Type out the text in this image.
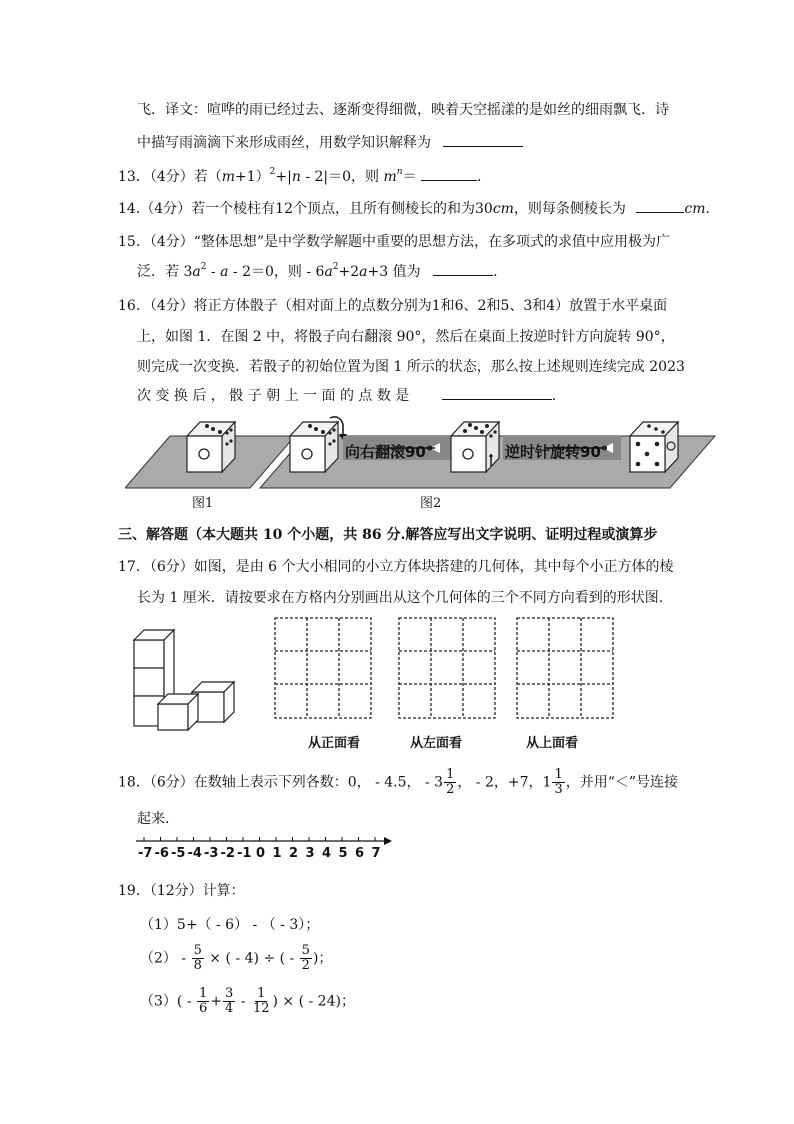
飞．译文：喧哗的雨已经过去、逐渐变得细微，映着天空摇漾的是如丝的细雨飘飞．诗
中描写雨滴滴下来形成雨丝，用数学知识解释为
13．（4分）若$(m+1)^2+|n - 2|=0$，则 $m^n=$	.
14.（4分）若一个棱柱有12个顶点，且所有侧棱长的和为30cm，则每条侧棱长为	cm.
15．（4分）“整体思想”是中学数学解题中重要的思想方法，在多项式的求值中应用极为广
泛．若 $3a^2 - a - 2=0$，则 - $6a^2+2a+3$ 值为	.
16．（4分）将正方体骰子（相对面上的点数分别为1和6、2和5、3和4）放置于水平桌面
上，如图 1．在图 2 中，将骰子向右翻滚 90°，然后在桌面上按逆时针方向旋转 90°，
则完成一次变换．若骰子的初始位置为图 1 所示的状态，那么按上述规则连续完成 2023
次 变 换 后 ， 骰 子 朝 上 一 面 的 点 数 是	.
向右翻滚90°	逆时针旋转90°
图1	图2
三、解答题（本大题共 10 个小题，共 86 分.解答应写出文字说明、证明过程或演算步
17．（6分）如图，是由 6 个大小相同的小立方体块搭建的几何体，其中每个小正方体的棱
长为 1 厘米．请按要求在方格内分别画出从这个几何体的三个不同方向看到的形状图.
从正面看	从左面看	从上面看
18．（6分）在数轴上表示下列各数：0， - 4.5， - $3 \frac{1}{2}$ ， - 2，+7，$1 \frac{1}{3}$ ，并用“＜”号连接
起来.
-7 -6 -5 -4 -3 -2 -1 0 1 2 3 4 5 6 7
19．（12分）计算：
（1）5+（ - 6） - （ - 3）；
$(2) - \frac{5}{8}$ × ( - 4) ÷ ( - $\frac{5}{2}$ )；
$(3)( - \frac{1}{6} + \frac{3}{4} - \frac{1}{12}$ ) × ( - 24)；
